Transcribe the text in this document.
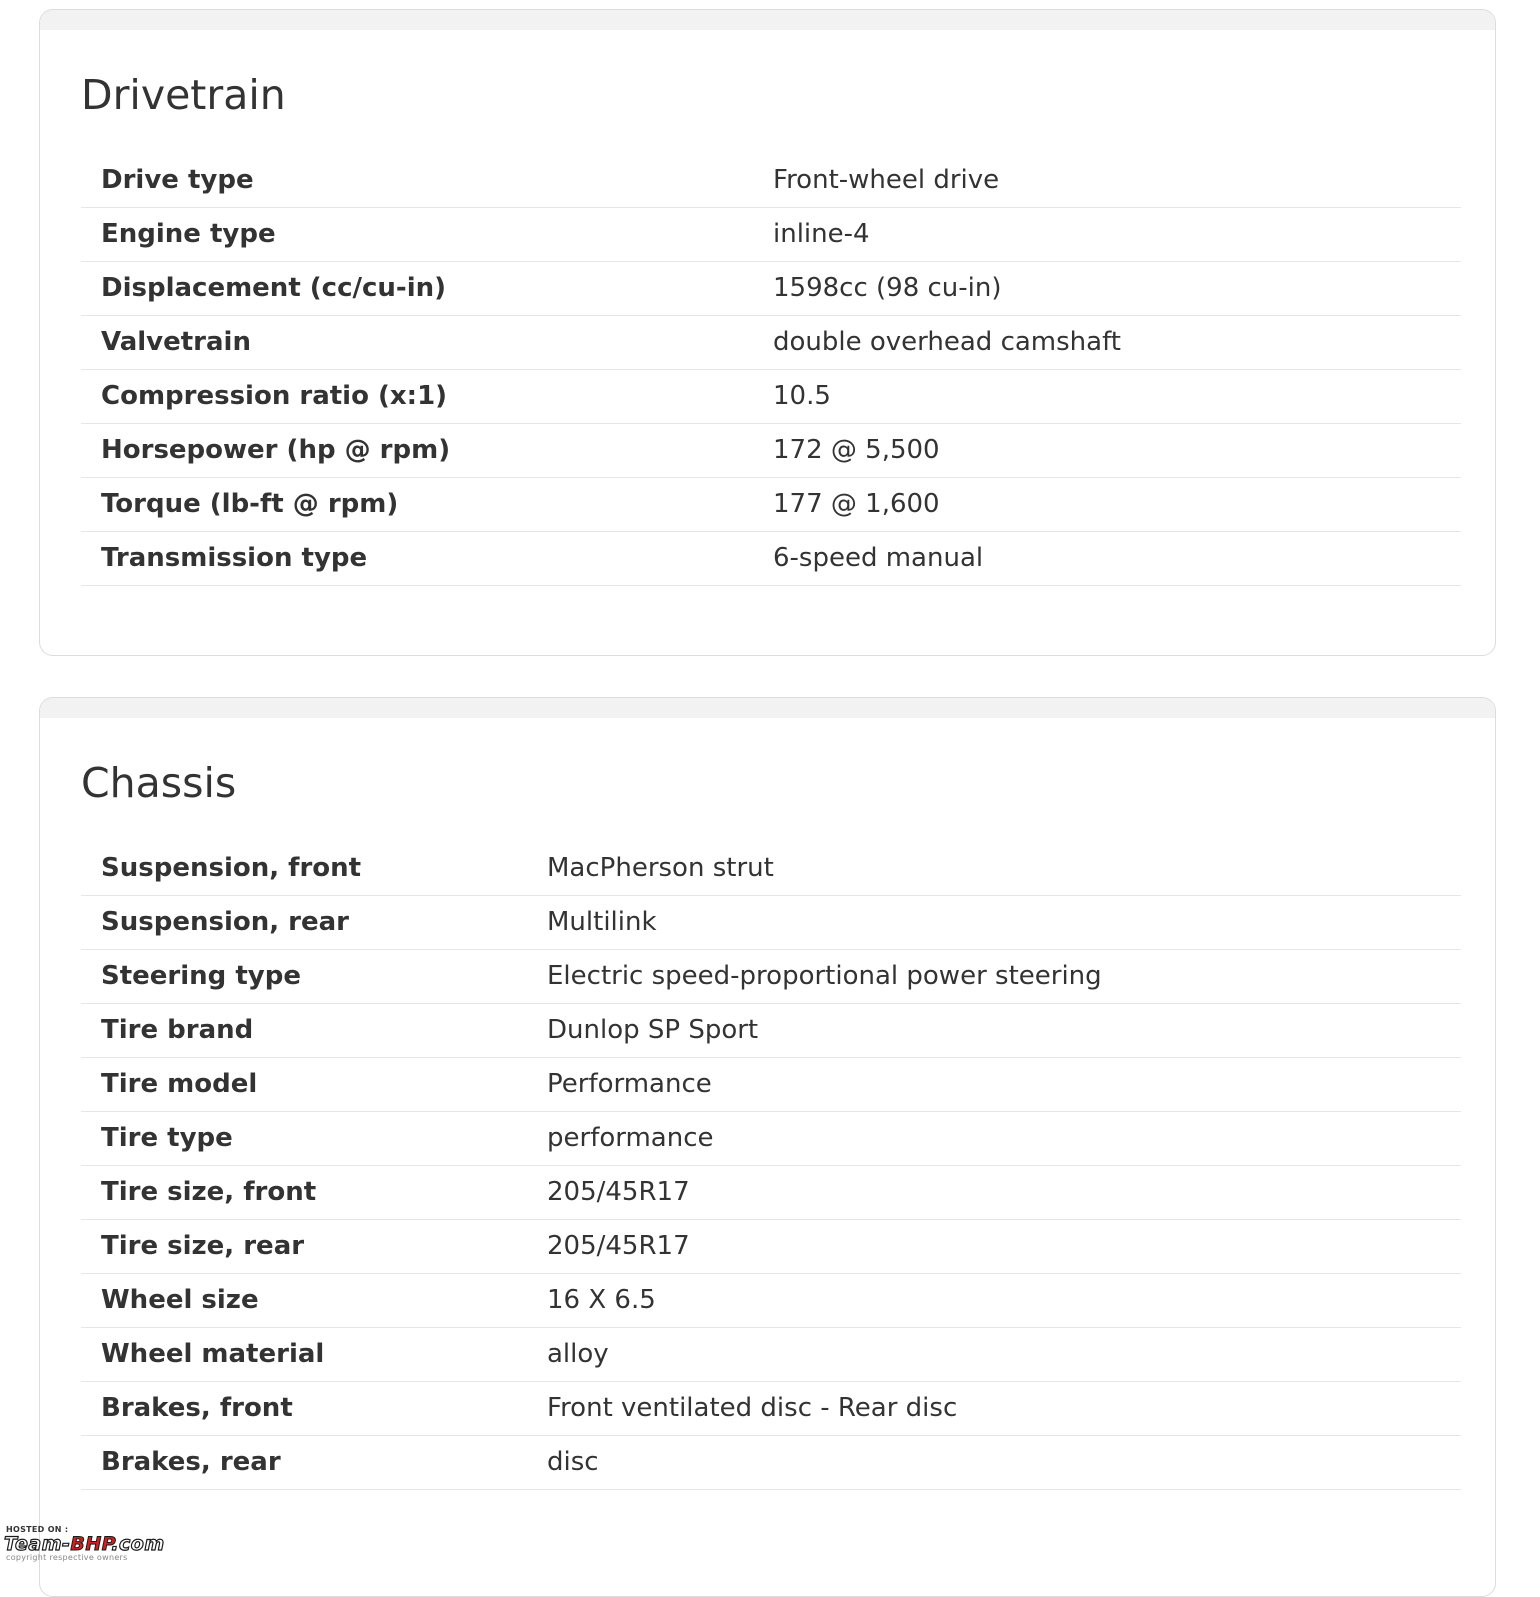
Drivetrain
Drive type	Front-wheel drive
Engine type	inline-4
Displacement (cc/cu-in)	1598cc (98 cu-in)
Valvetrain	double overhead camshaft
Compression ratio (x:1)	10.5
Horsepower (hp @ rpm)	172 @ 5,500
Torque (lb-ft @ rpm)	177 @ 1,600
Transmission type	6-speed manual
Chassis
Suspension, front	MacPherson strut
Suspension, rear	Multilink
Steering type	Electric speed-proportional power steering
Tire brand	Dunlop SP Sport
Tire model	Performance
Tire type	performance
Tire size, front	205/45R17
Tire size, rear	205/45R17
Wheel size	16 X 6.5
Wheel material	alloy
Brakes, front	Front ventilated disc - Rear disc
Brakes, rear	disc
HOSTED ON :
Team-BHP.com
copyright respective owners
